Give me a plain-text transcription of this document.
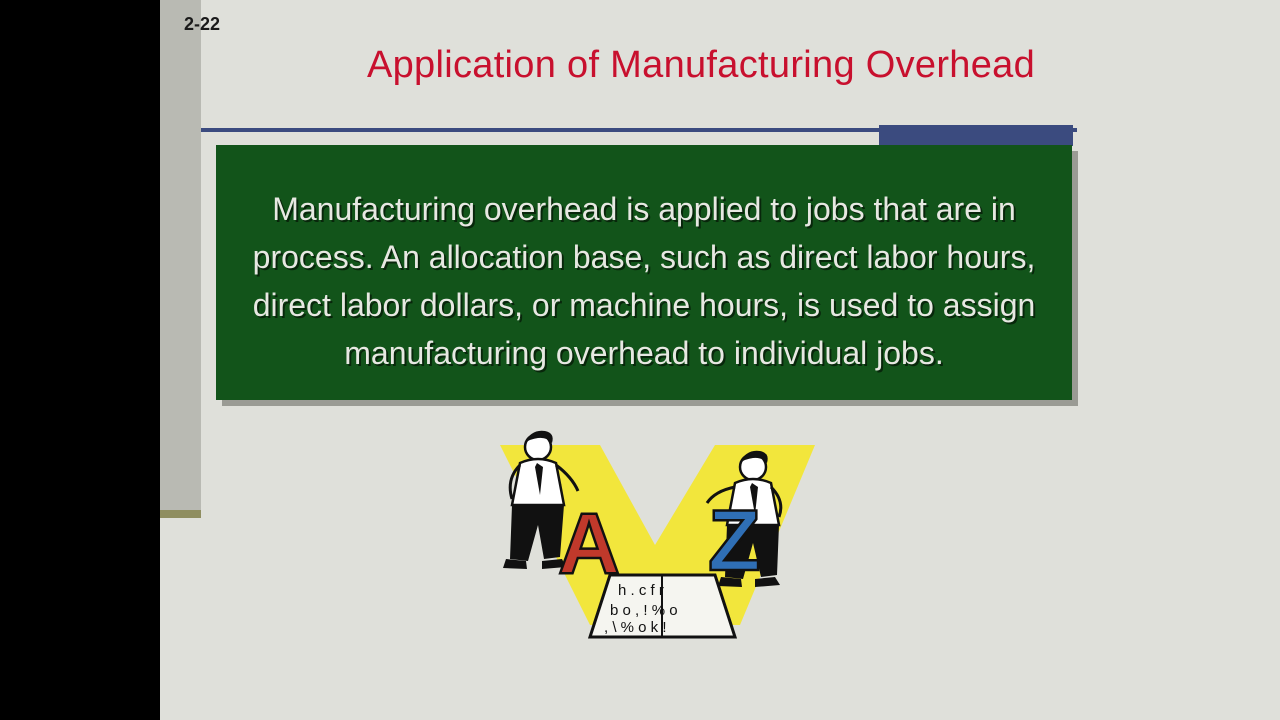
2-22
Application of Manufacturing Overhead

Manufacturing overhead is applied to jobs that are in process. An allocation base, such as direct labor hours, direct labor dollars, or machine hours, is used to assign manufacturing overhead to individual jobs.

A Z
h . c f r
b o , ! % o
, \ % o k !
